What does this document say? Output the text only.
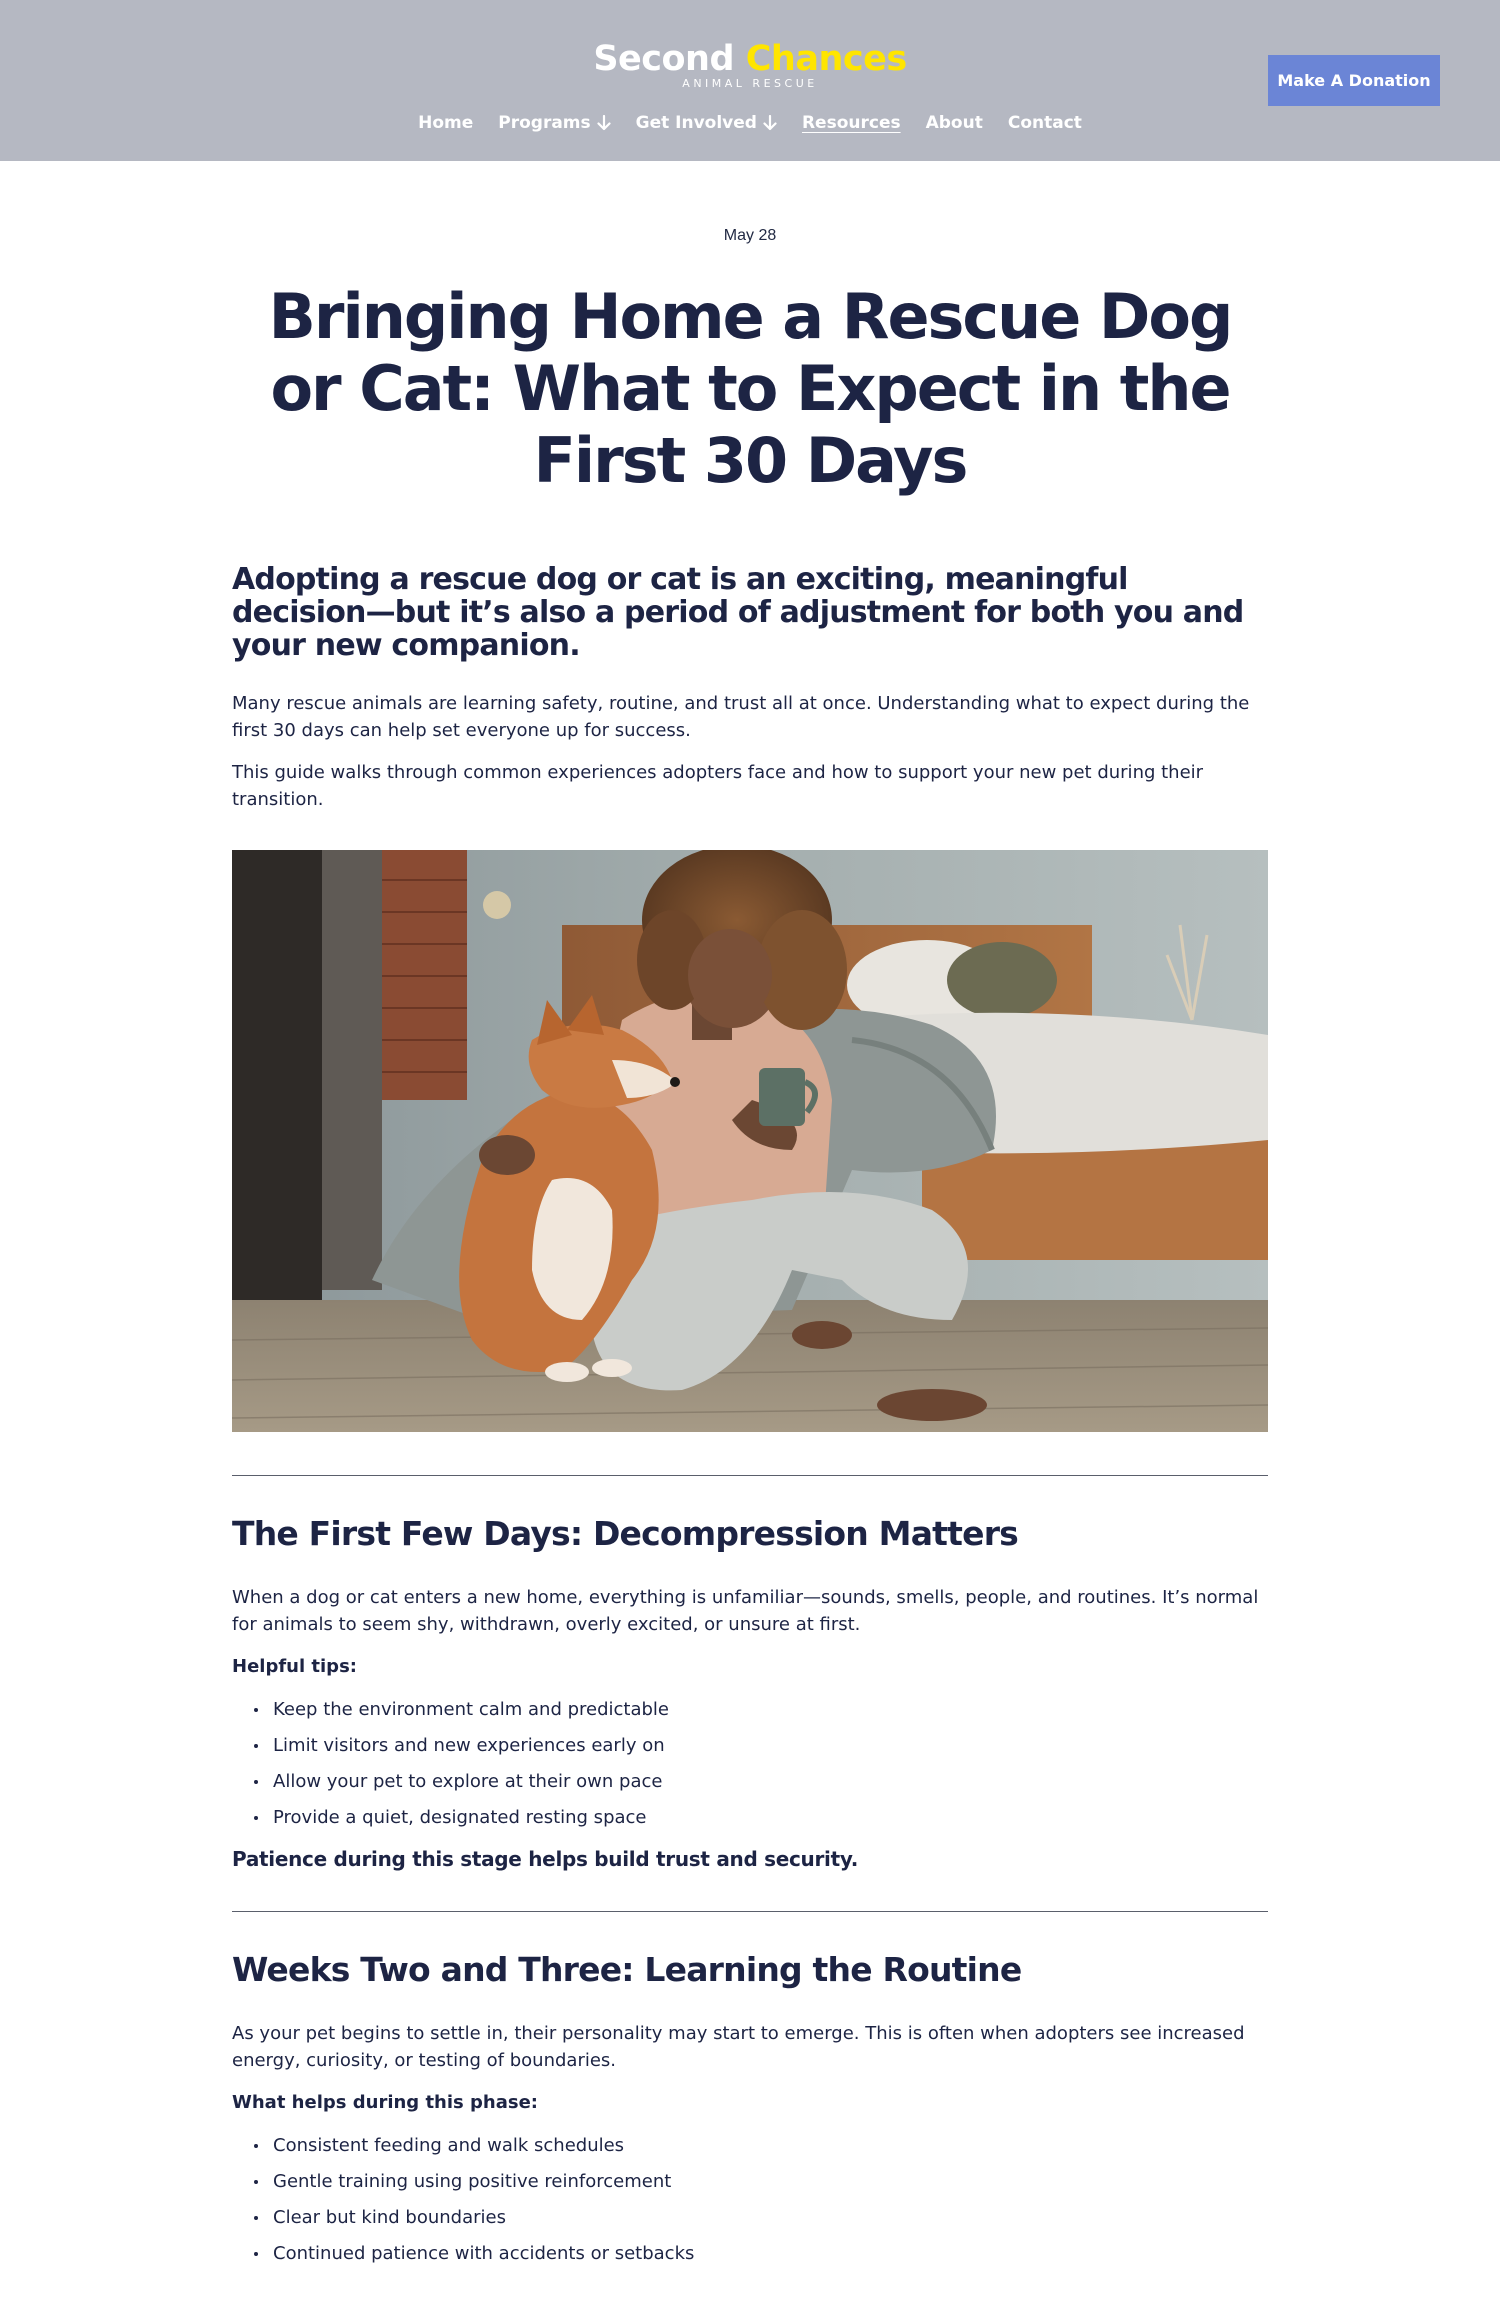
Second Chances
ANIMAL RESCUE
Home Programs	Get Involved	Resources About Contact
Make A Donation
May 28
Bringing Home a Rescue Dog or Cat: What to Expect in the First 30 Days
Adopting a rescue dog or cat is an exciting, meaningful decision—but it’s also a period of adjustment for both you and your new companion.

Many rescue animals are learning safety, routine, and trust all at once. Understanding what to expect during the first 30 days can help set everyone up for success.

This guide walks through common experiences adopters face and how to support your new pet during their transition.

The First Few Days: Decompression Matters

When a dog or cat enters a new home, everything is unfamiliar—sounds, smells, people, and routines. It’s normal for animals to seem shy, withdrawn, overly excited, or unsure at first.

Helpful tips:

Keep the environment calm and predictable
Limit visitors and new experiences early on
Allow your pet to explore at their own pace
Provide a quiet, designated resting space

Patience during this stage helps build trust and security.

Weeks Two and Three: Learning the Routine

As your pet begins to settle in, their personality may start to emerge. This is often when adopters see increased energy, curiosity, or testing of boundaries.

What helps during this phase:

Consistent feeding and walk schedules
Gentle training using positive reinforcement
Clear but kind boundaries
Continued patience with accidents or setbacks
